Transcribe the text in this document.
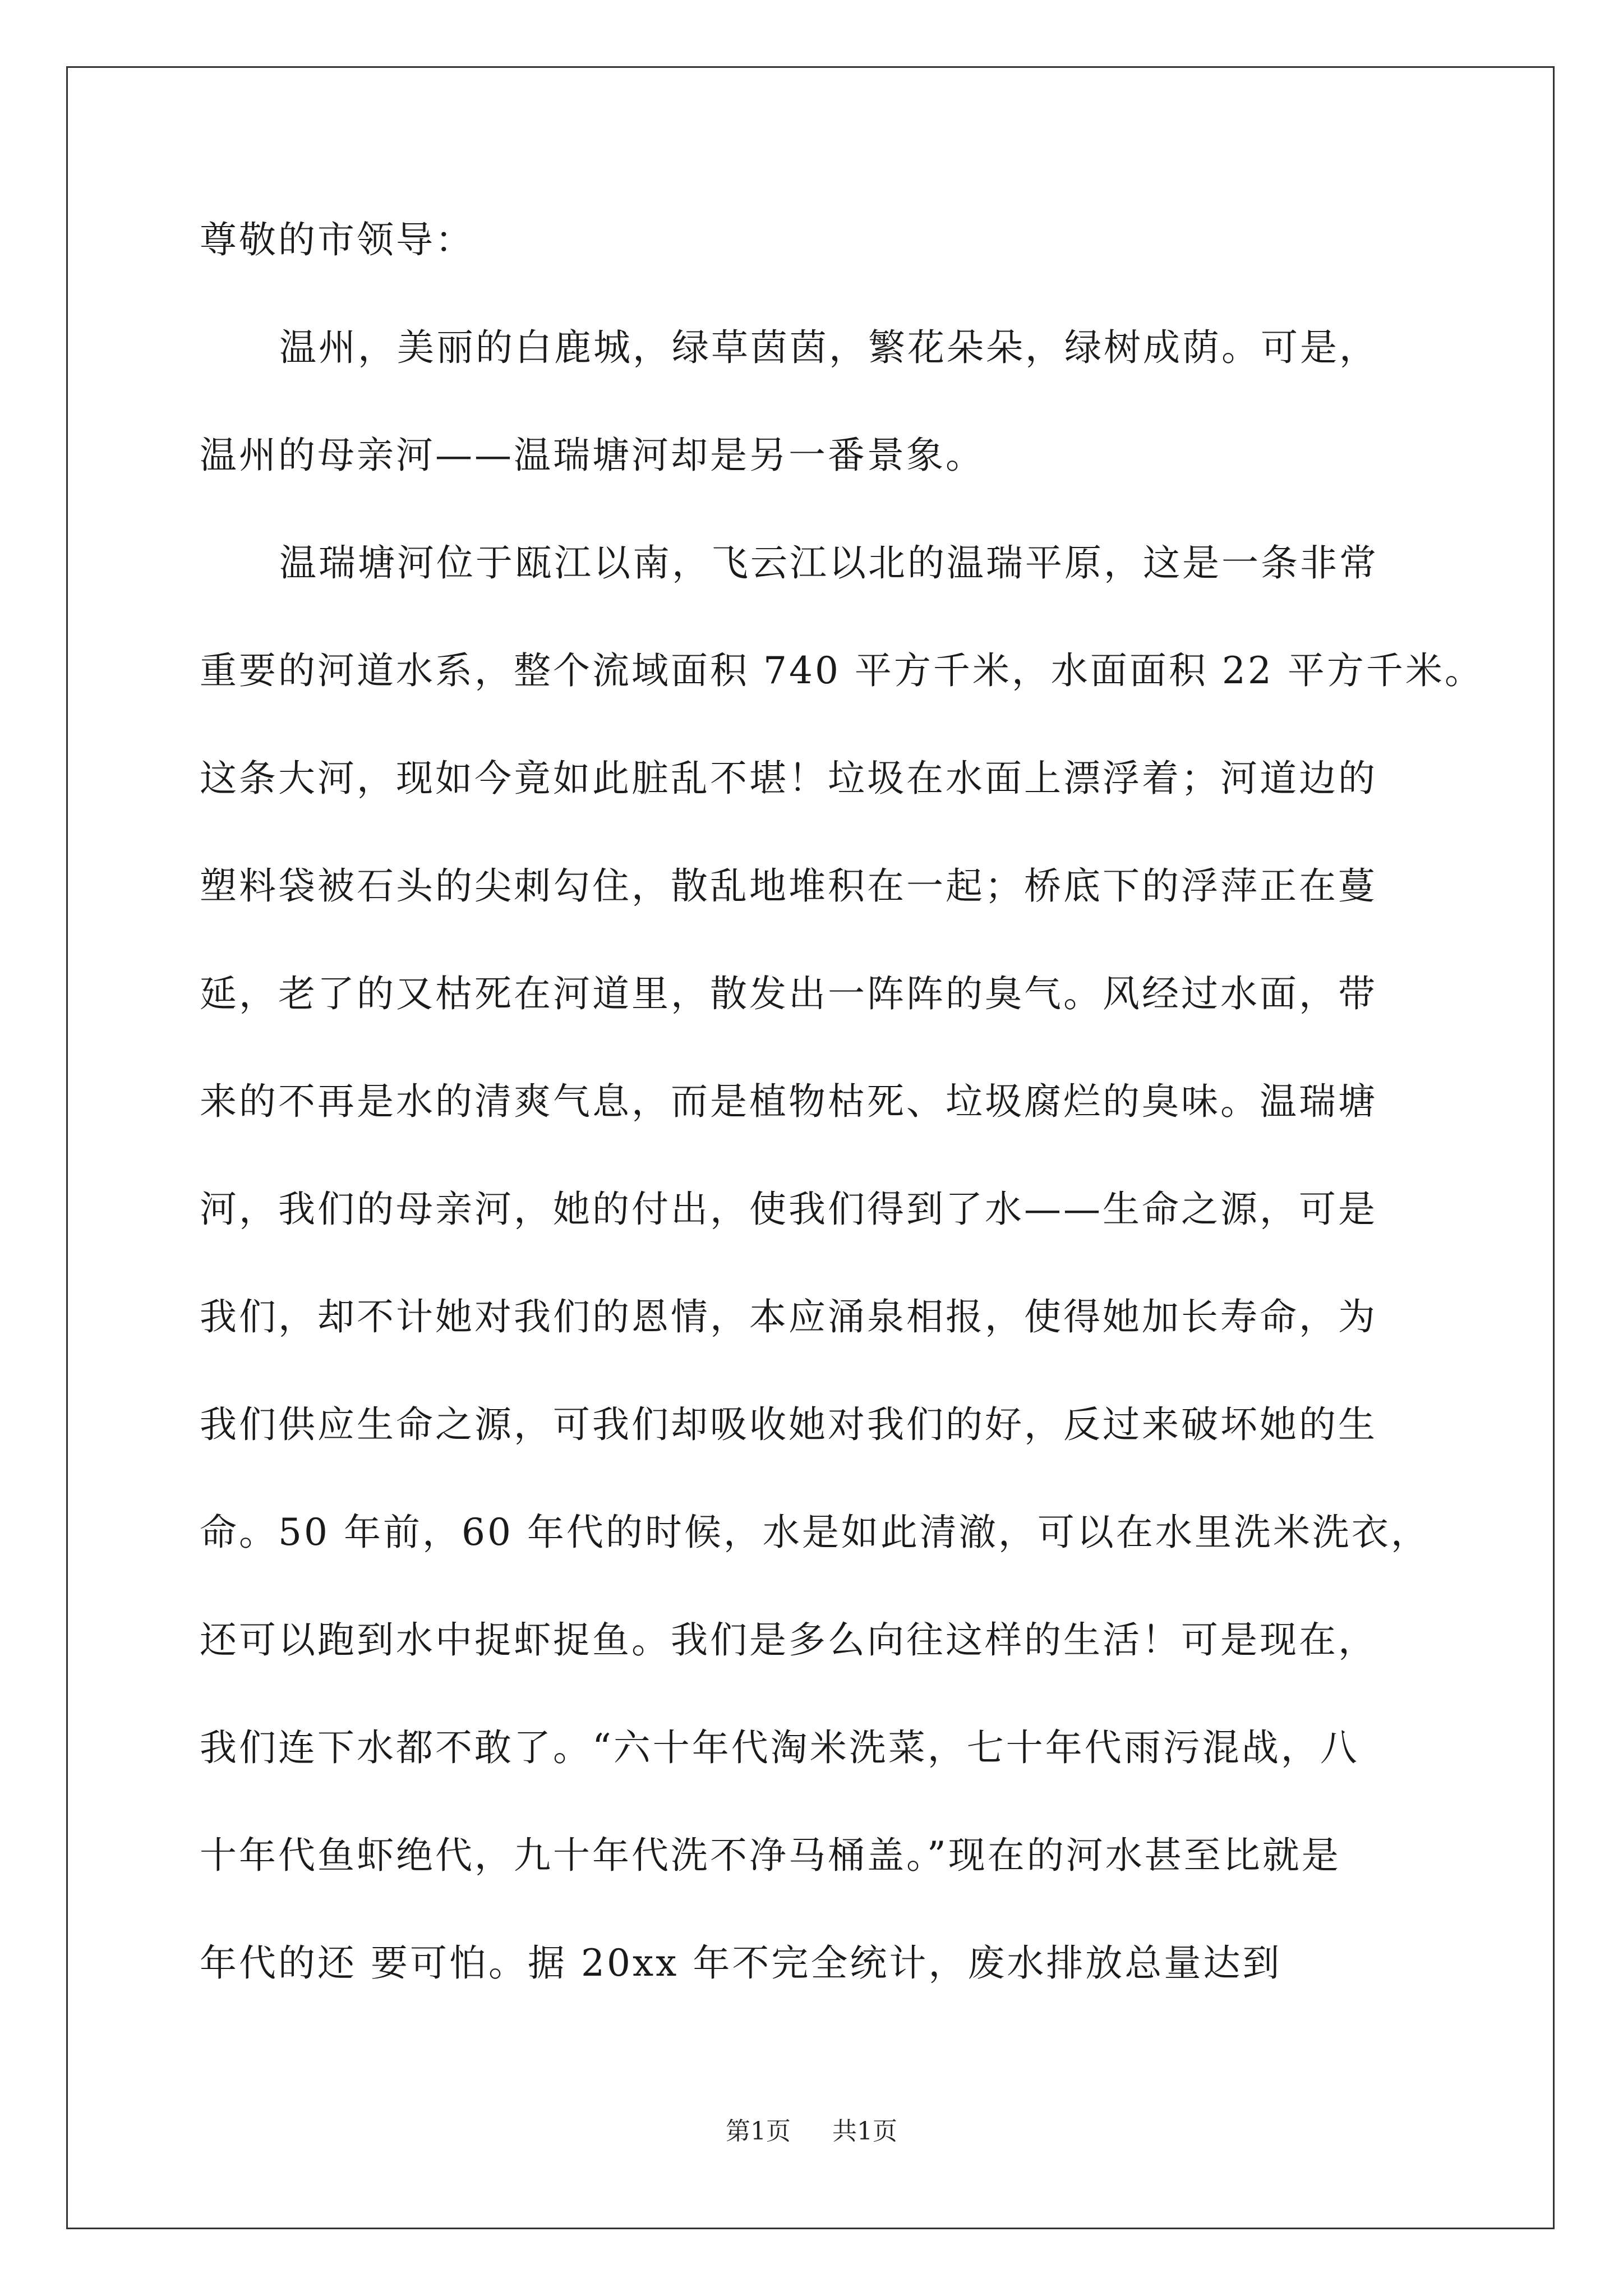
尊敬的市领导：
温州，美丽的白鹿城，绿草茵茵，繁花朵朵，绿树成荫。可是，
温州的母亲河——温瑞塘河却是另一番景象。
温瑞塘河位于瓯江以南，飞云江以北的温瑞平原，这是一条非常
重要的河道水系，整个流域面积 740 平方千米，水面面积 22 平方千米。
这条大河，现如今竟如此脏乱不堪！垃圾在水面上漂浮着；河道边的
塑料袋被石头的尖刺勾住，散乱地堆积在一起；桥底下的浮萍正在蔓
延，老了的又枯死在河道里，散发出一阵阵的臭气。风经过水面，带
来的不再是水的清爽气息，而是植物枯死、垃圾腐烂的臭味。温瑞塘
河，我们的母亲河，她的付出，使我们得到了水——生命之源，可是
我们，却不计她对我们的恩情，本应涌泉相报，使得她加长寿命，为
我们供应生命之源，可我们却吸收她对我们的好，反过来破坏她的生
命。50 年前，60 年代的时候，水是如此清澈，可以在水里洗米洗衣，
还可以跑到水中捉虾捉鱼。我们是多么向往这样的生活！可是现在，
我们连下水都不敢了。“六十年代淘米洗菜，七十年代雨污混战，八
十年代鱼虾绝代，九十年代洗不净马桶盖。”现在的河水甚至比就是
年代的还 要可怕。据 20xx 年不完全统计，废水排放总量达到
第1页 共1页
